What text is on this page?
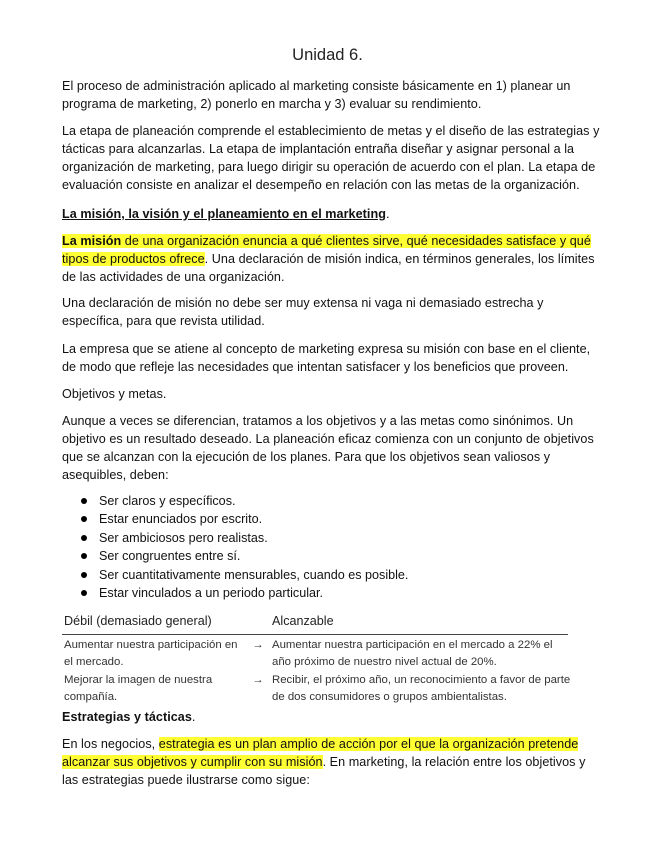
Unidad 6.
El proceso de administración aplicado al marketing consiste básicamente en 1) planear un programa de marketing, 2) ponerlo en marcha y 3) evaluar su rendimiento.
La etapa de planeación comprende el establecimiento de metas y el diseño de las estrategias y tácticas para alcanzarlas. La etapa de implantación entraña diseñar y asignar personal a la organización de marketing, para luego dirigir su operación de acuerdo con el plan. La etapa de evaluación consiste en analizar el desempeño en relación con las metas de la organización.
La misión, la visión y el planeamiento en el marketing.
La misión de una organización enuncia a qué clientes sirve, qué necesidades satisface y qué tipos de productos ofrece. Una declaración de misión indica, en términos generales, los límites de las actividades de una organización.
Una declaración de misión no debe ser muy extensa ni vaga ni demasiado estrecha y específica, para que revista utilidad.
La empresa que se atiene al concepto de marketing expresa su misión con base en el cliente, de modo que refleje las necesidades que intentan satisfacer y los beneficios que proveen.
Objetivos y metas.
Aunque a veces se diferencian, tratamos a los objetivos y a las metas como sinónimos. Un objetivo es un resultado deseado. La planeación eficaz comienza con un conjunto de objetivos que se alcanzan con la ejecución de los planes. Para que los objetivos sean valiosos y asequibles, deben:
Ser claros y específicos.
Estar enunciados por escrito.
Ser ambiciosos pero realistas.
Ser congruentes entre sí.
Ser cuantitativamente mensurables, cuando es posible.
Estar vinculados a un periodo particular.
Débil (demasiado general)	Alcanzable
Aumentar nuestra participación en el mercado.
→ Aumentar nuestra participación en el mercado a 22% el año próximo de nuestro nivel actual de 20%.
Mejorar la imagen de nuestra compañía.
→ Recibir, el próximo año, un reconocimiento a favor de parte de dos consumidores o grupos ambientalistas.
Estrategias y tácticas.
En los negocios, estrategia es un plan amplio de acción por el que la organización pretende alcanzar sus objetivos y cumplir con su misión. En marketing, la relación entre los objetivos y las estrategias puede ilustrarse como sigue:
